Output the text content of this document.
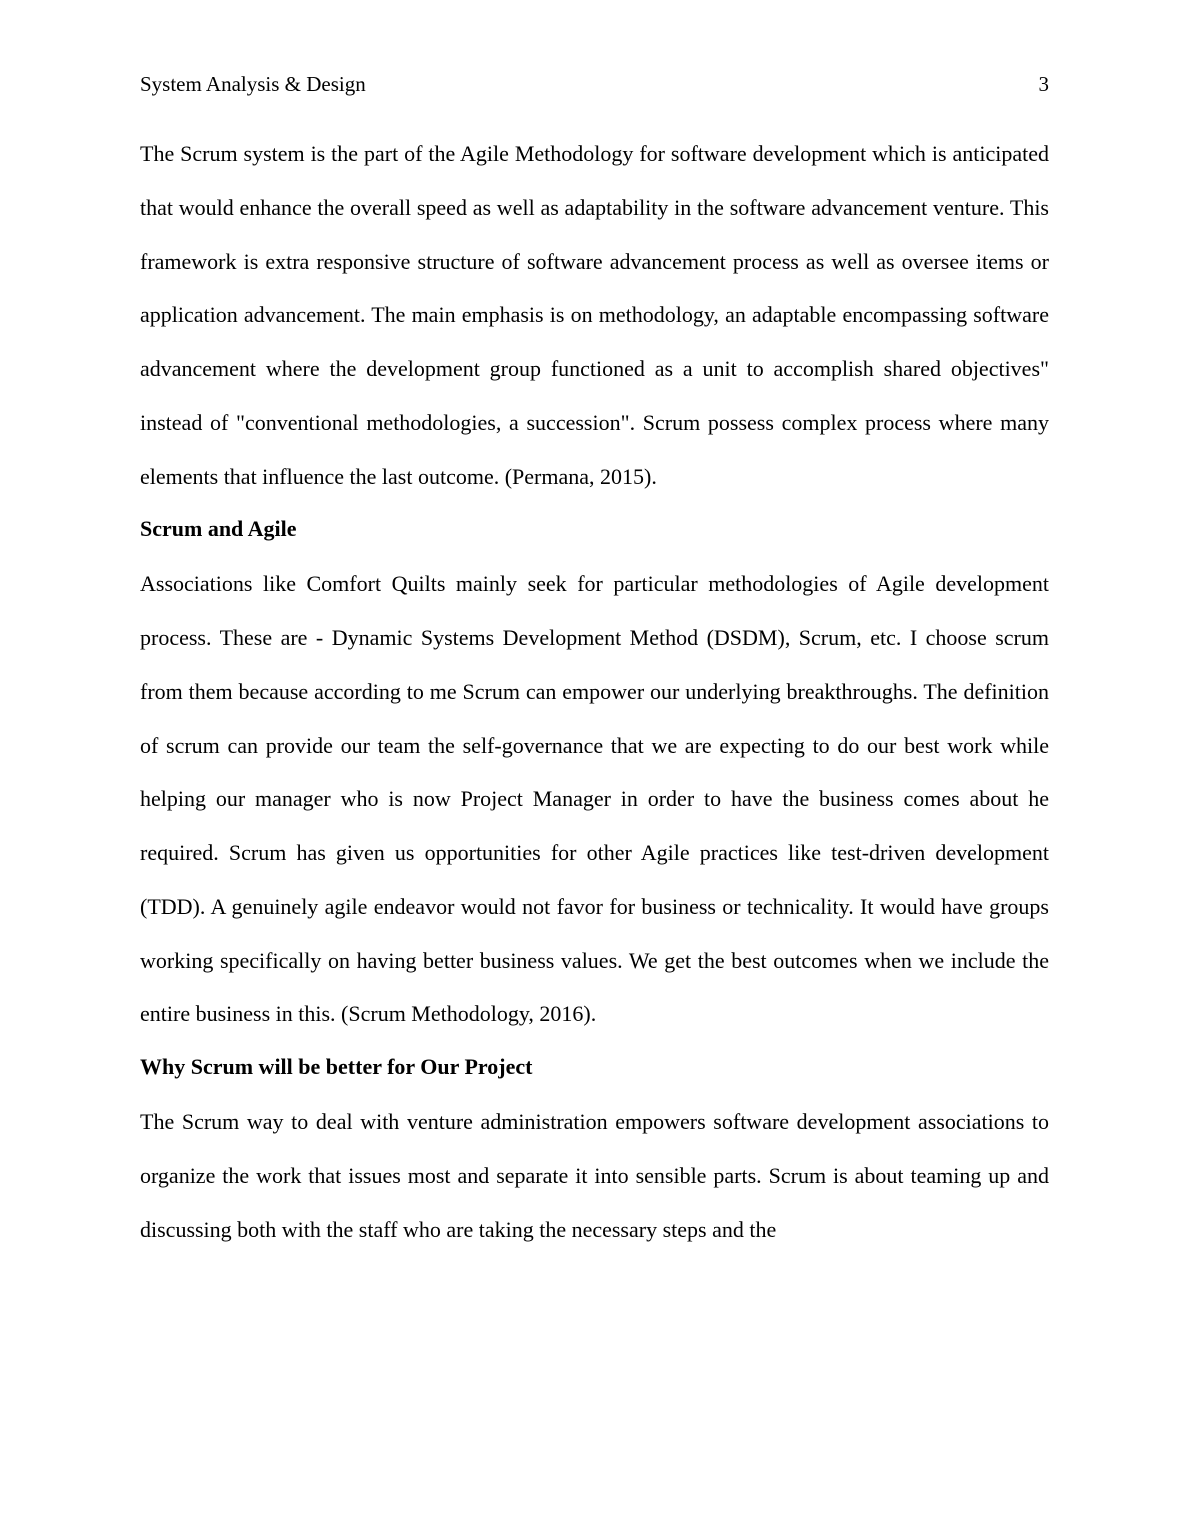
System Analysis & Design	3

The Scrum system is the part of the Agile Methodology for software development which is anticipated that would enhance the overall speed as well as adaptability in the software advancement venture. This framework is extra responsive structure of software advancement process as well as oversee items or application advancement. The main emphasis is on methodology, an adaptable encompassing software advancement where the development group functioned as a unit to accomplish shared objectives" instead of "conventional methodologies, a succession". Scrum possess complex process where many elements that influence the last outcome. (Permana, 2015).

Scrum and Agile

Associations like Comfort Quilts mainly seek for particular methodologies of Agile development process. These are - Dynamic Systems Development Method (DSDM), Scrum, etc. I choose scrum from them because according to me Scrum can empower our underlying breakthroughs. The definition of scrum can provide our team the self-governance that we are expecting to do our best work while helping our manager who is now Project Manager in order to have the business comes about he required. Scrum has given us opportunities for other Agile practices like test-driven development (TDD). A genuinely agile endeavor would not favor for business or technicality. It would have groups working specifically on having better business values. We get the best outcomes when we include the entire business in this. (Scrum Methodology, 2016).

Why Scrum will be better for Our Project

The Scrum way to deal with venture administration empowers software development associations to organize the work that issues most and separate it into sensible parts. Scrum is about teaming up and discussing both with the staff who are taking the necessary steps and the
